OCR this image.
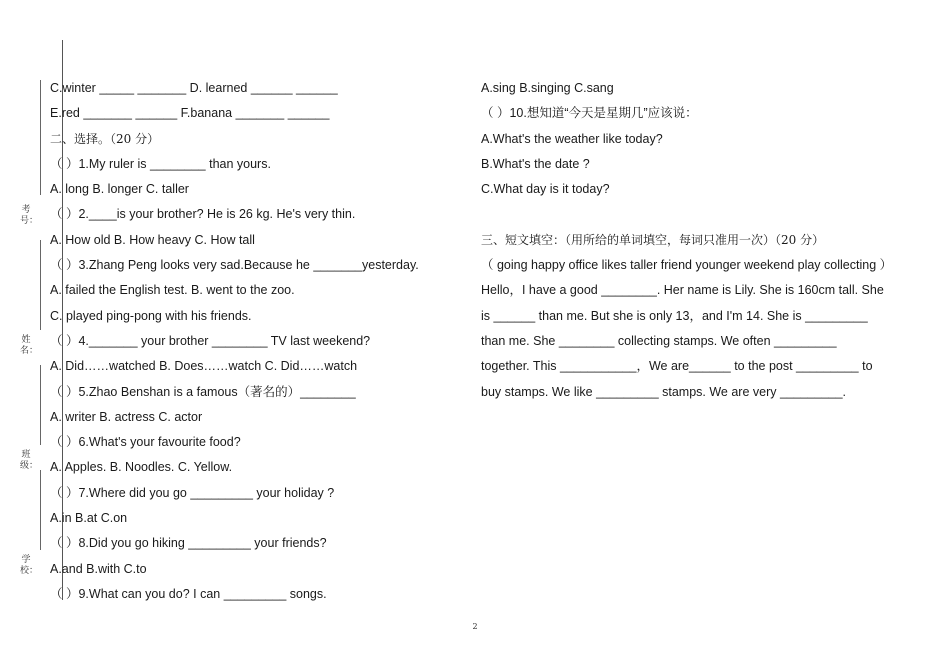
考号：
姓名：
班级：
学校：
C.winter _____ _______ D. learned ______ ______
E.red _______ ______ F.banana _______ ______
二、选择。（20 分）
（ ）1.My ruler is ________ than yours.
A. long B. longer C. taller
（ ）2.____is your brother? He is 26 kg. He's very thin.
A. How old B. How heavy C. How tall
（ ）3.Zhang Peng looks very sad.Because he _______yesterday.
A. failed the English test. B. went to the zoo.
C. played ping-pong with his friends.
（ ）4._______ your brother ________ TV last weekend?
A. Did……watched B. Does……watch C. Did……watch
（ ）5.Zhao Benshan is a famous（著名的）________
A. writer B. actress C. actor
（ ）6.What's your favourite food?
A. Apples. B. Noodles. C. Yellow.
（ ）7.Where did you go _________ your holiday ?
A.in B.at C.on
（ ）8.Did you go hiking _________ your friends?
A.and B.with C.to
（ ）9.What can you do? I can _________ songs.
A.sing B.singing C.sang
（ ）10.想知道“今天是星期几”应该说：
A.What's the weather like today?
B.What's the date ?
C.What day is it today?
三、短文填空：（用所给的单词填空，每词只准用一次）（20 分）
（ going happy office likes taller friend younger weekend play collecting ）
Hello，I have a good ________. Her name is Lily. She is 160cm tall. She
is ______ than me. But she is only 13，and I'm 14. She is _________
than me. She ________ collecting stamps. We often _________
together. This ___________，We are______ to the post _________ to
buy stamps. We like _________ stamps. We are very _________.
2
